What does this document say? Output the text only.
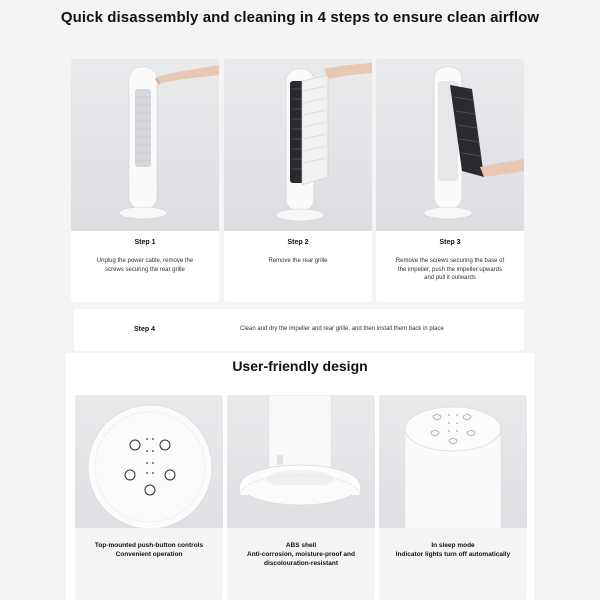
Quick disassembly and cleaning in 4 steps to ensure clean airflow
Step 1
Unplug the power cable, remove the
screws securing the rear grille
Step 2
Remove the rear grille
Step 3
Remove the screws securing the base of
the impeller, push the impeller upwards
and pull it outwards
Step 4	Clean and dry the impeller and rear grille, and then install them back in place
User-friendly design
Top-mounted push-button controls
Convenient operation
ABS shell
Anti-corrosion, moisture-proof and
discolouration-resistant
In sleep mode
Indicator lights turn off automatically
